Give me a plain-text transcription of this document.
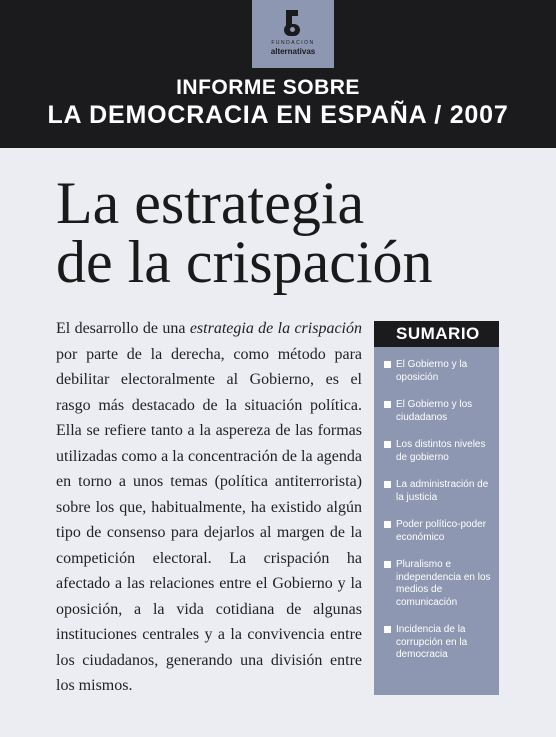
FUNDACION
alternativas
INFORME SOBRE
LA DEMOCRACIA EN ESPAÑA / 2007
La estrategia
de la crispación
El desarrollo de una estrategia de la crispación por parte de la derecha, como método para debilitar electoralmente al Gobierno, es el rasgo más destacado de la situación política. Ella se refiere tanto a la aspereza de las formas utilizadas como a la concentración de la agenda en torno a unos temas (política antiterrorista) sobre los que, habitualmente, ha existido algún tipo de consenso para dejarlos al margen de la competición electoral. La crispación ha afectado a las relaciones entre el Gobierno y la oposición, a la vida cotidiana de algunas instituciones centrales y a la convivencia entre los ciudadanos, generando una división entre los mismos.
SUMARIO
El Gobierno y la oposición
El Gobierno y los ciudadanos
Los distintos niveles de gobierno
La administración de la justicia
Poder político-poder económico
Pluralismo e independencia en los medios de comunicación
Incidencia de la corrupción en la democracia
